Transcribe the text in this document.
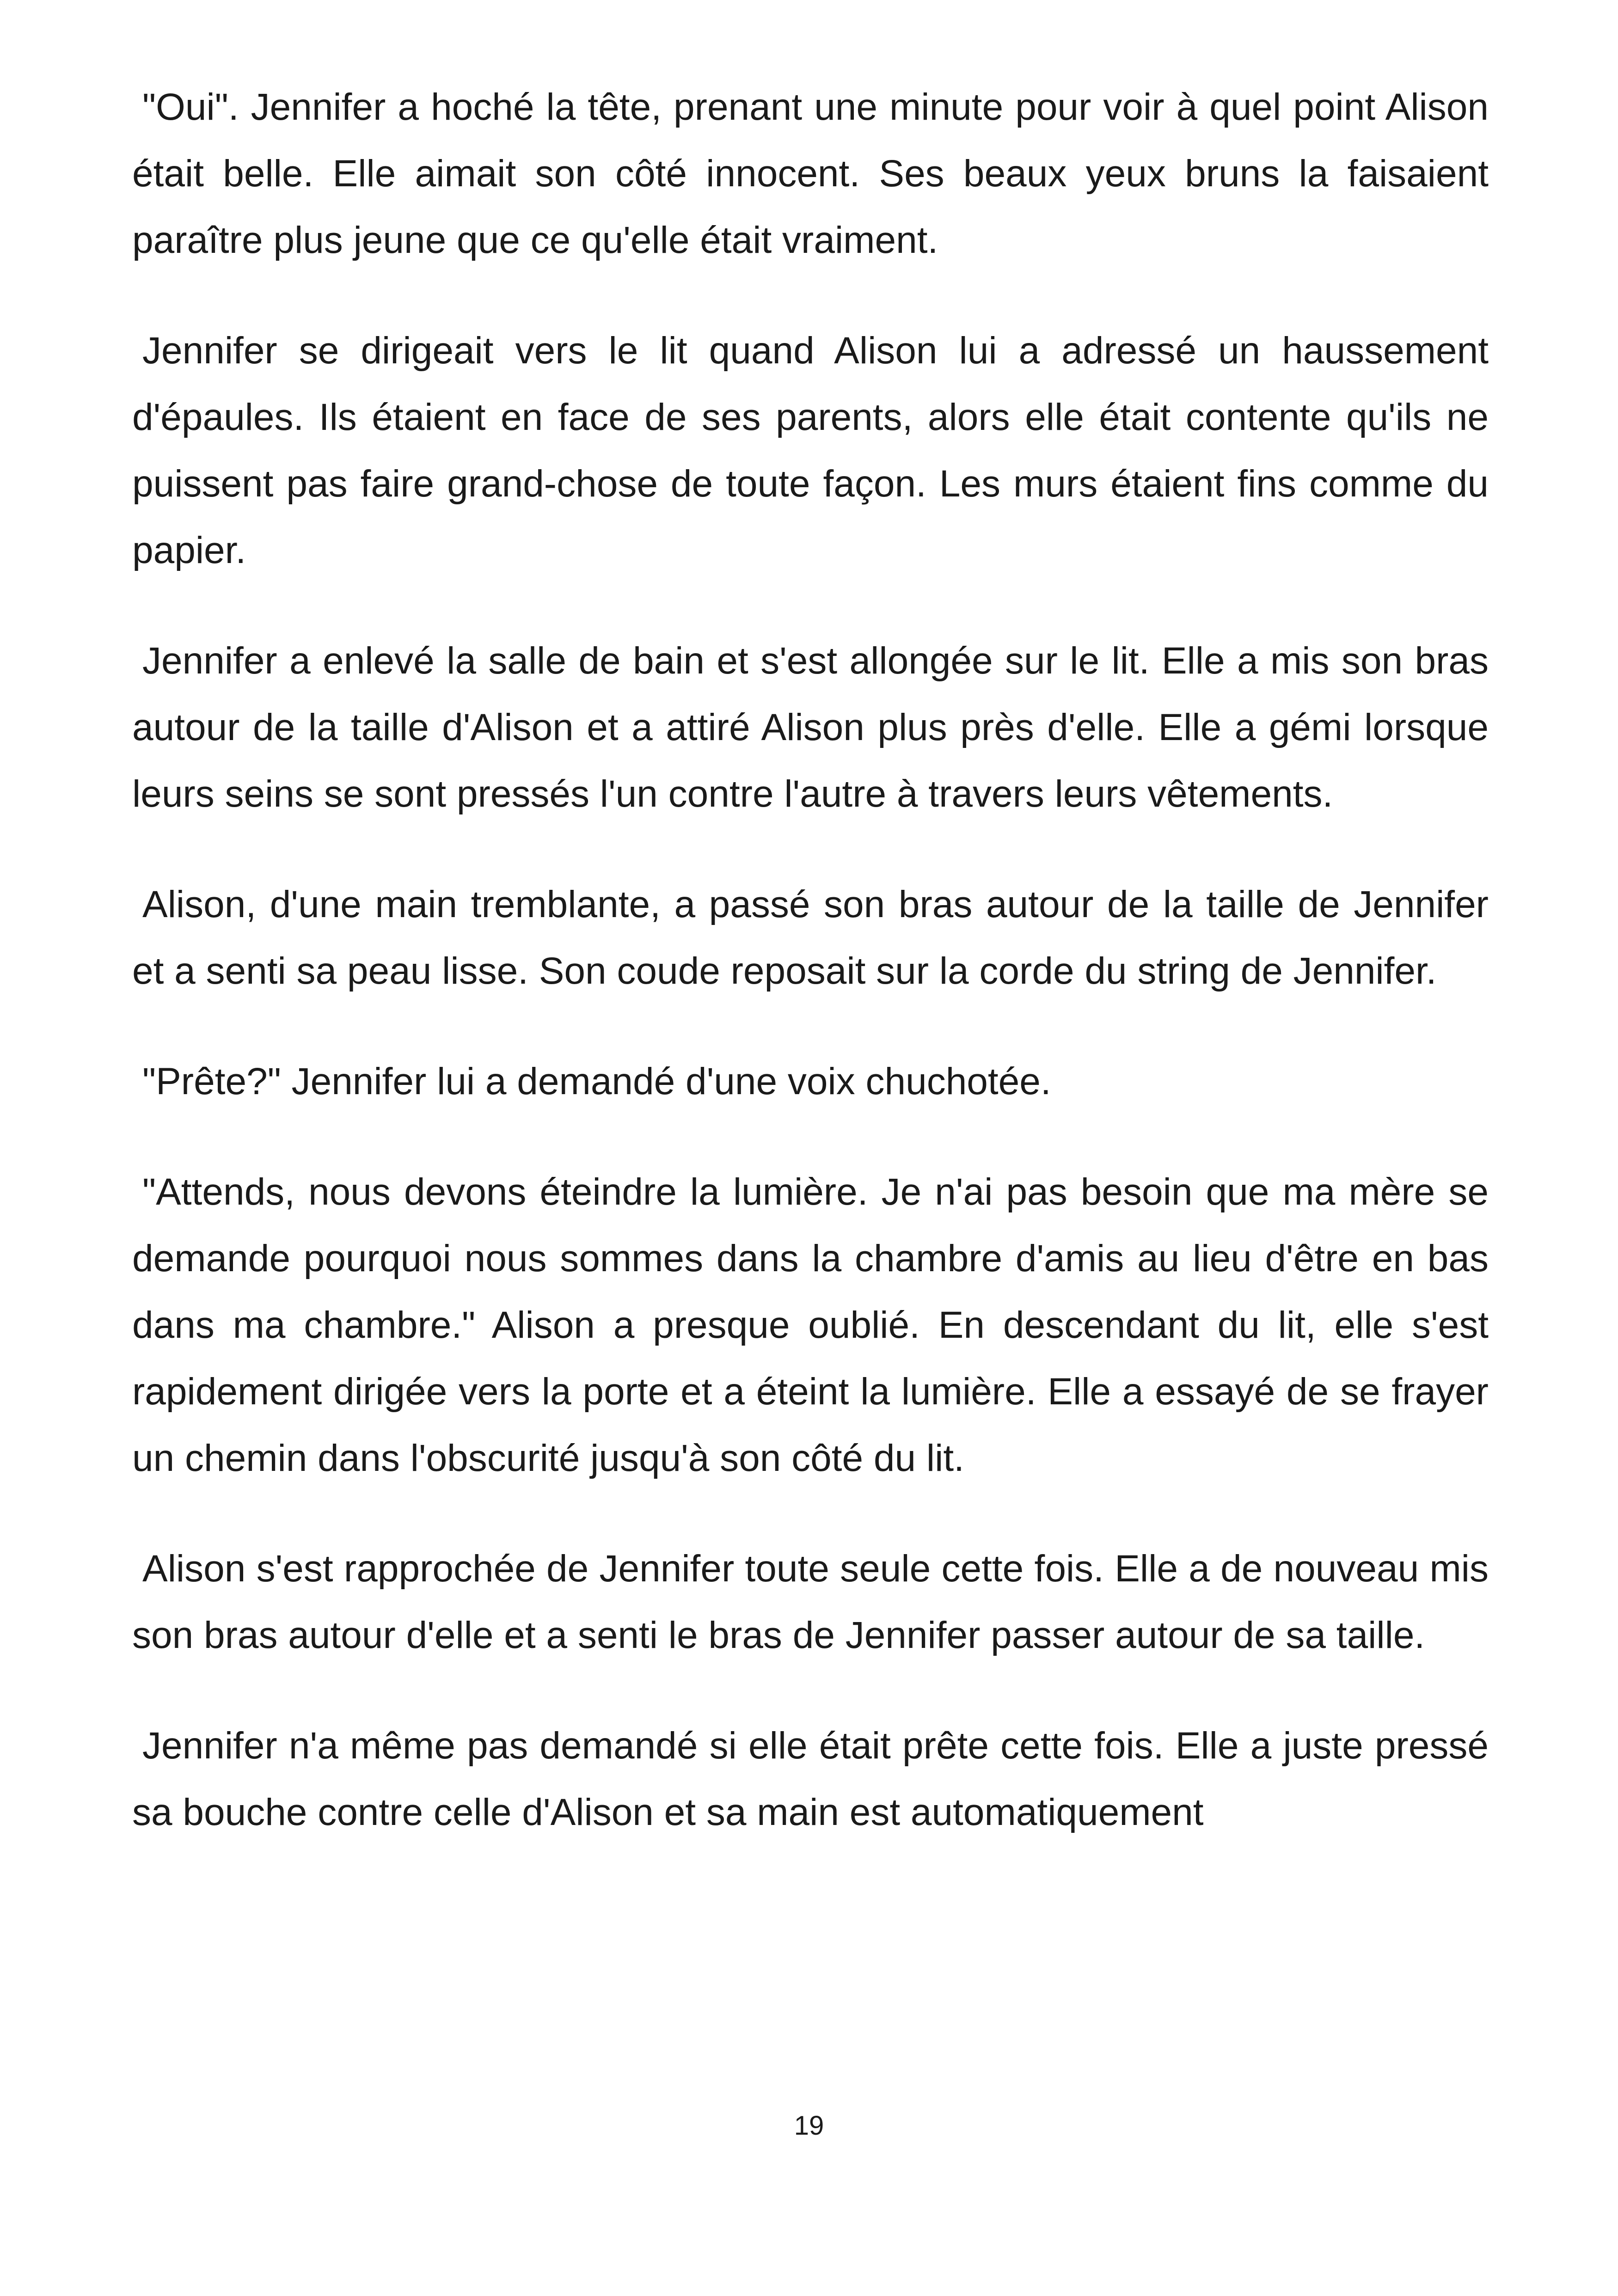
"Oui". Jennifer a hoché la tête, prenant une minute pour voir à quel point Alison était belle. Elle aimait son côté innocent. Ses beaux yeux bruns la faisaient paraître plus jeune que ce qu'elle était vraiment.

Jennifer se dirigeait vers le lit quand Alison lui a adressé un haussement d'épaules. Ils étaient en face de ses parents, alors elle était contente qu'ils ne puissent pas faire grand-chose de toute façon. Les murs étaient fins comme du papier.

Jennifer a enlevé la salle de bain et s'est allongée sur le lit. Elle a mis son bras autour de la taille d'Alison et a attiré Alison plus près d'elle. Elle a gémi lorsque leurs seins se sont pressés l'un contre l'autre à travers leurs vêtements.

Alison, d'une main tremblante, a passé son bras autour de la taille de Jennifer et a senti sa peau lisse. Son coude reposait sur la corde du string de Jennifer.

"Prête?" Jennifer lui a demandé d'une voix chuchotée.

"Attends, nous devons éteindre la lumière. Je n'ai pas besoin que ma mère se demande pourquoi nous sommes dans la chambre d'amis au lieu d'être en bas dans ma chambre." Alison a presque oublié. En descendant du lit, elle s'est rapidement dirigée vers la porte et a éteint la lumière. Elle a essayé de se frayer un chemin dans l'obscurité jusqu'à son côté du lit.

Alison s'est rapprochée de Jennifer toute seule cette fois. Elle a de nouveau mis son bras autour d'elle et a senti le bras de Jennifer passer autour de sa taille.

Jennifer n'a même pas demandé si elle était prête cette fois. Elle a juste pressé sa bouche contre celle d'Alison et sa main est automatiquement

19
